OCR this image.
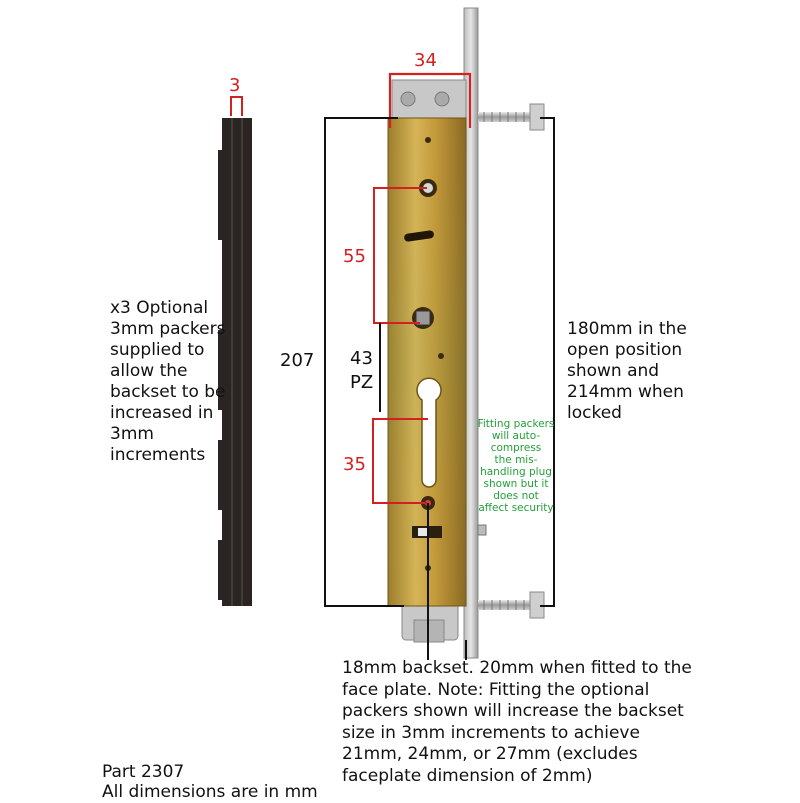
3
34
55
35
207 43
PZ
x3 Optional
3mm packers
supplied to
allow the
backset to be
increased in
3mm
increments
180mm in the
open position
shown and
214mm when
locked
Fitting packers
will auto-
compress
the mis-
handling plug
shown but it
does not
affect security
18mm backset. 20mm when fitted to the
face plate. Note: Fitting the optional
packers shown will increase the backset
size in 3mm increments to achieve
21mm, 24mm, or 27mm (excludes
faceplate dimension of 2mm)
Part 2307
All dimensions are in mm
